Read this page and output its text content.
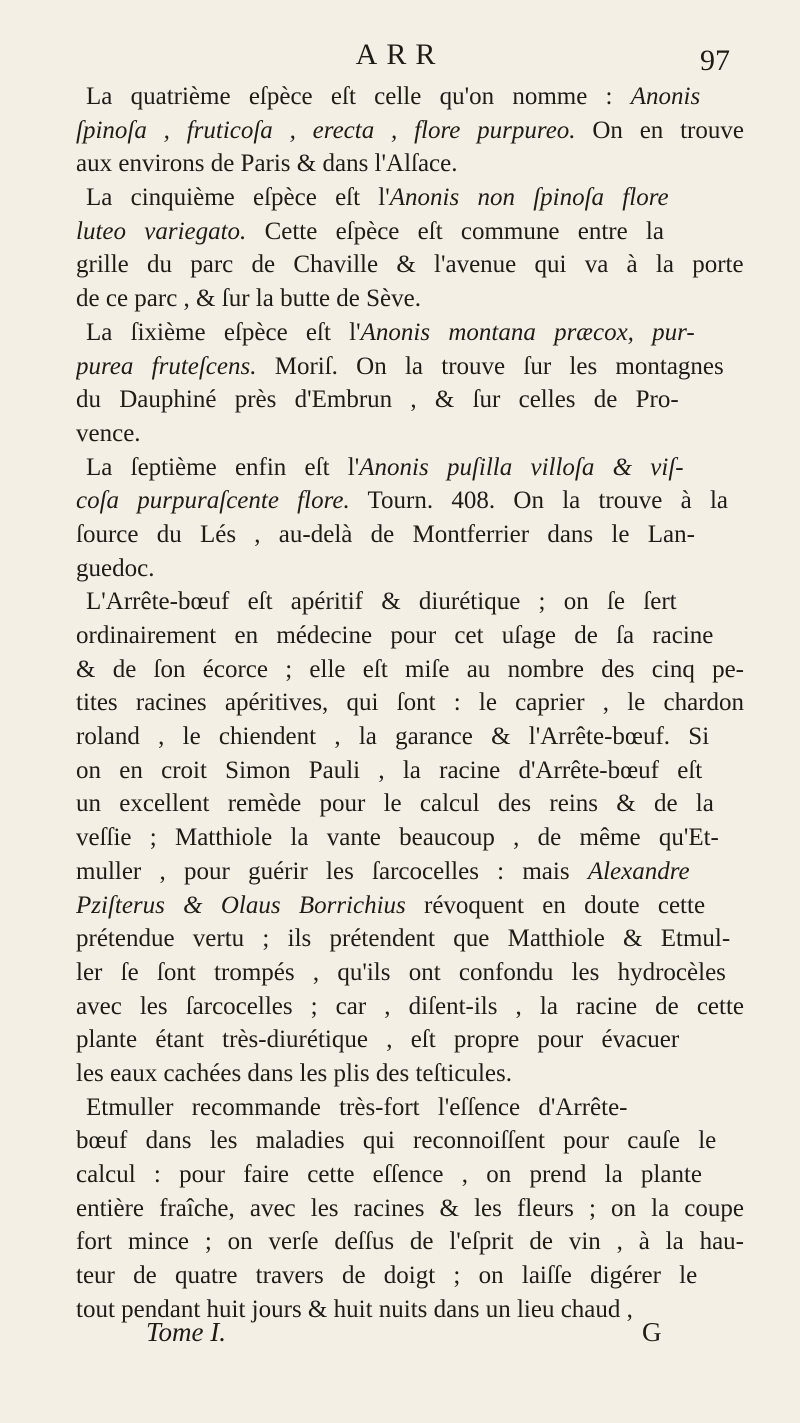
ARR	97
La quatrième eſpèce eſt celle qu'on nomme : Anonis
ſpinoſa , fruticoſa , erecta , flore purpureo. On en trouve
aux environs de Paris & dans l'Alſace.
La cinquième eſpèce eſt l'Anonis non ſpinoſa flore
luteo variegato. Cette eſpèce eſt commune entre la
grille du parc de Chaville & l'avenue qui va à la porte
de ce parc , & ſur la butte de Sève.
La ſixième eſpèce eſt l'Anonis montana præcox, pur-
purea fruteſcens. Moriſ. On la trouve ſur les montagnes
du Dauphiné près d'Embrun , & ſur celles de Pro-
vence.
La ſeptième enfin eſt l'Anonis puſilla villoſa & viſ-
coſa purpuraſcente flore. Tourn. 408. On la trouve à la
ſource du Lés , au-delà de Montferrier dans le Lan-
guedoc.
L'Arrête-bœuf eſt apéritif & diurétique ; on ſe ſert
ordinairement en médecine pour cet uſage de ſa racine
& de ſon écorce ; elle eſt miſe au nombre des cinq pe-
tites racines apéritives, qui ſont : le caprier , le chardon
roland , le chiendent , la garance & l'Arrête-bœuf. Si
on en croit Simon Pauli , la racine d'Arrête-bœuf eſt
un excellent remède pour le calcul des reins & de la
veſſie ; Matthiole la vante beaucoup , de même qu'Et-
muller , pour guérir les ſarcocelles : mais Alexandre
Pziſterus & Olaus Borrichius révoquent en doute cette
prétendue vertu ; ils prétendent que Matthiole & Etmul-
ler ſe ſont trompés , qu'ils ont confondu les hydrocèles
avec les ſarcocelles ; car , diſent-ils , la racine de cette
plante étant très-diurétique , eſt propre pour évacuer
les eaux cachées dans les plis des teſticules.
Etmuller recommande très-fort l'eſſence d'Arrête-
bœuf dans les maladies qui reconnoiſſent pour cauſe le
calcul : pour faire cette eſſence , on prend la plante
entière fraîche, avec les racines & les fleurs ; on la coupe
fort mince ; on verſe deſſus de l'eſprit de vin , à la hau-
teur de quatre travers de doigt ; on laiſſe digérer le
tout pendant huit jours & huit nuits dans un lieu chaud ,
Tome I.	G
